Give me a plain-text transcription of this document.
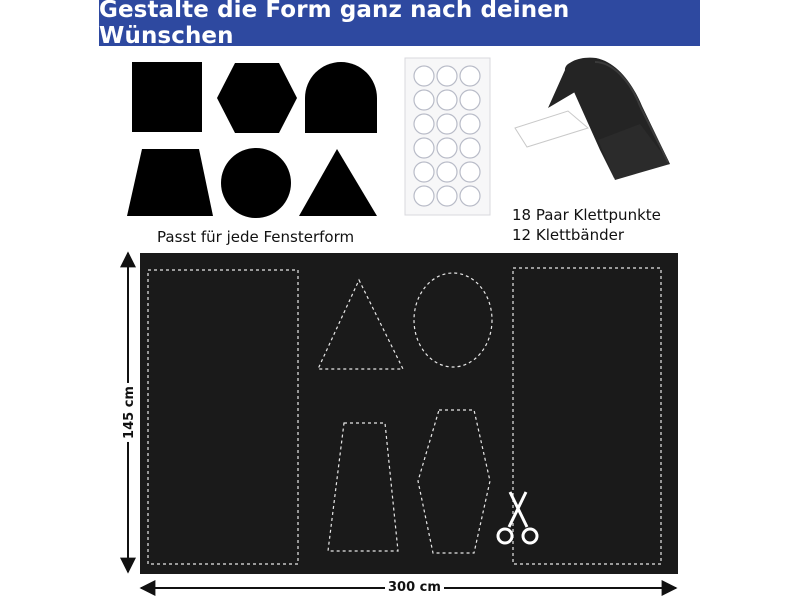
Gestalte die Form ganz nach deinen Wünschen
Passt für jede Fensterform
18 Paar Klettpunkte
12 Klettbänder
300 cm
145 cm
